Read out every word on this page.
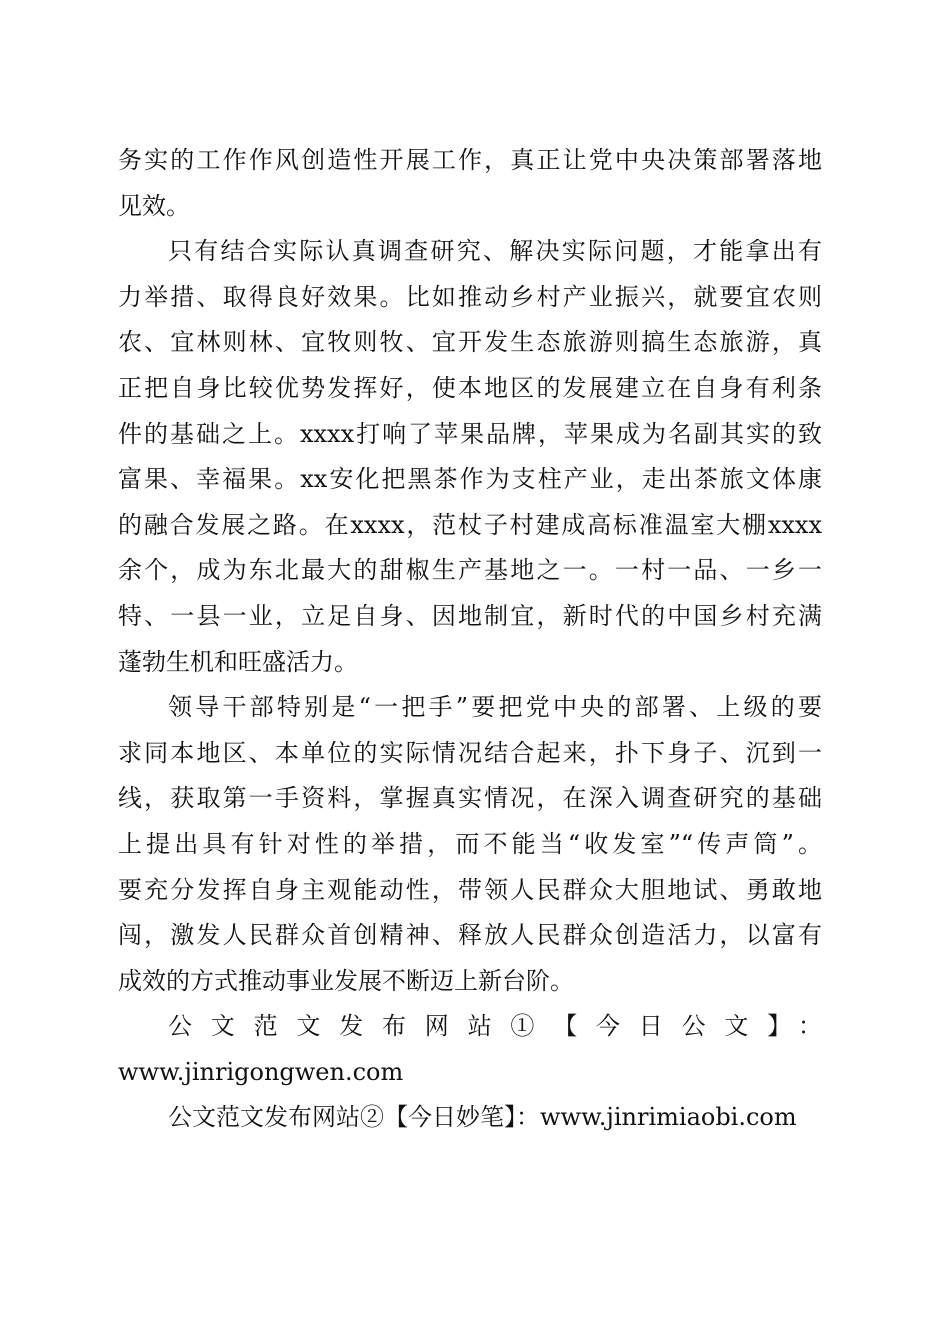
务实的工作作风创造性开展工作，真正让党中央决策部署落地
见效。
只有结合实际认真调查研究、解决实际问题，才能拿出有
力举措、取得良好效果。比如推动乡村产业振兴，就要宜农则
农、宜林则林、宜牧则牧、宜开发生态旅游则搞生态旅游，真
正把自身比较优势发挥好，使本地区的发展建立在自身有利条
件的基础之上。xxxx打响了苹果品牌，苹果成为名副其实的致
富果、幸福果。xx安化把黑茶作为支柱产业，走出茶旅文体康
的融合发展之路。在xxxx，范杖子村建成高标准温室大棚xxxx
余个，成为东北最大的甜椒生产基地之一。一村一品、一乡一
特、一县一业，立足自身、因地制宜，新时代的中国乡村充满
蓬勃生机和旺盛活力。
领导干部特别是“一把手”要把党中央的部署、上级的要
求同本地区、本单位的实际情况结合起来，扑下身子、沉到一
线，获取第一手资料，掌握真实情况，在深入调查研究的基础
上提出具有针对性的举措，而不能当“收发室”“传声筒”。
要充分发挥自身主观能动性，带领人民群众大胆地试、勇敢地
闯，激发人民群众首创精神、释放人民群众创造活力，以富有
成效的方式推动事业发展不断迈上新台阶。
公文范文发布网站①【今日公文】：
www.jinrigongwen.com
公文范文发布网站②【今日妙笔】：www.jinrimiaobi.com
